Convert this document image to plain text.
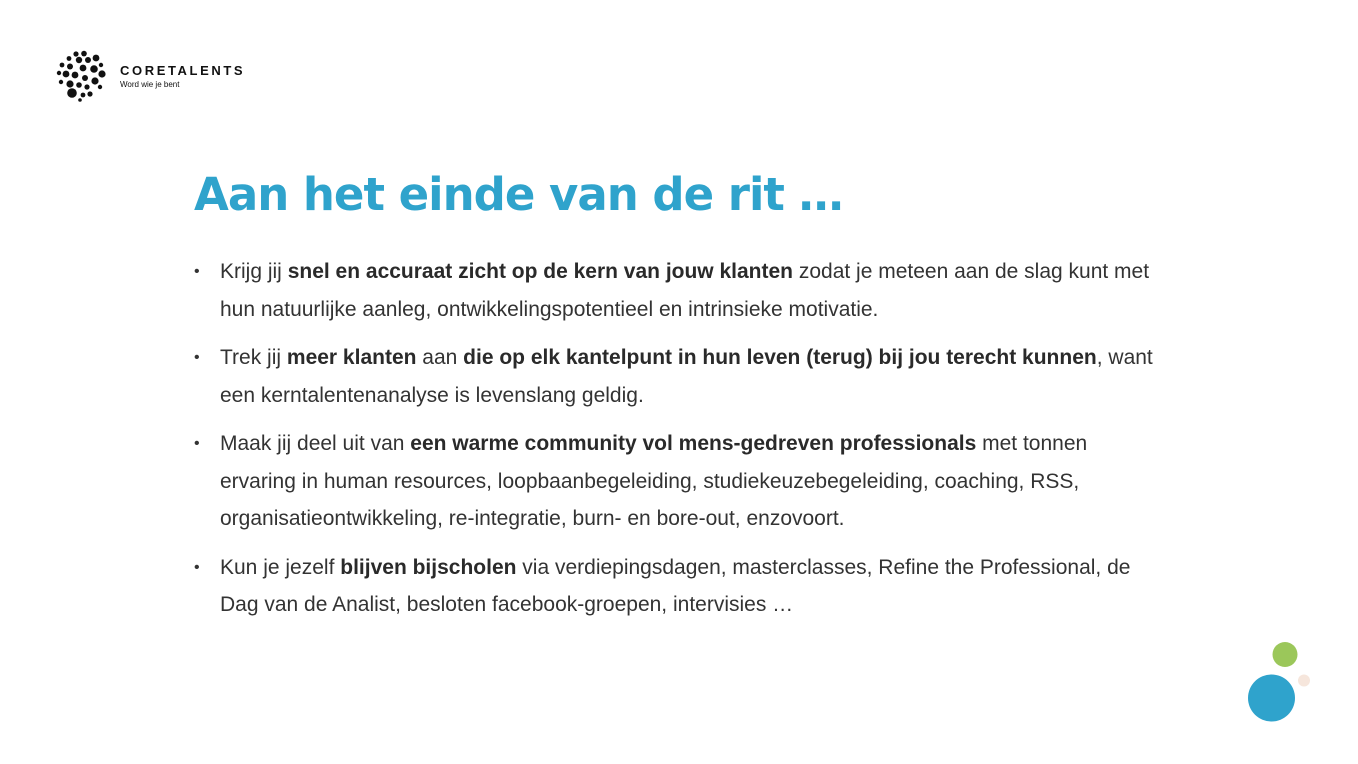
CORETALENTS
Word wie je bent
Aan het einde van de rit …
• Krijg jij snel en accuraat zicht op de kern van jouw klanten zodat je meteen aan de slag kunt met hun natuurlijke aanleg, ontwikkelingspotentieel en intrinsieke motivatie.
• Trek jij meer klanten aan die op elk kantelpunt in hun leven (terug) bij jou terecht kunnen, want een kerntalentenanalyse is levenslang geldig.
• Maak jij deel uit van een warme community vol mens-gedreven professionals met tonnen ervaring in human resources, loopbaanbegeleiding, studiekeuzebegeleiding, coaching, RSS, organisatieontwikkeling, re-integratie, burn- en bore-out, enzovoort.
• Kun je jezelf blijven bijscholen via verdiepingsdagen, masterclasses, Refine the Professional, de Dag van de Analist, besloten facebook-groepen, intervisies …
